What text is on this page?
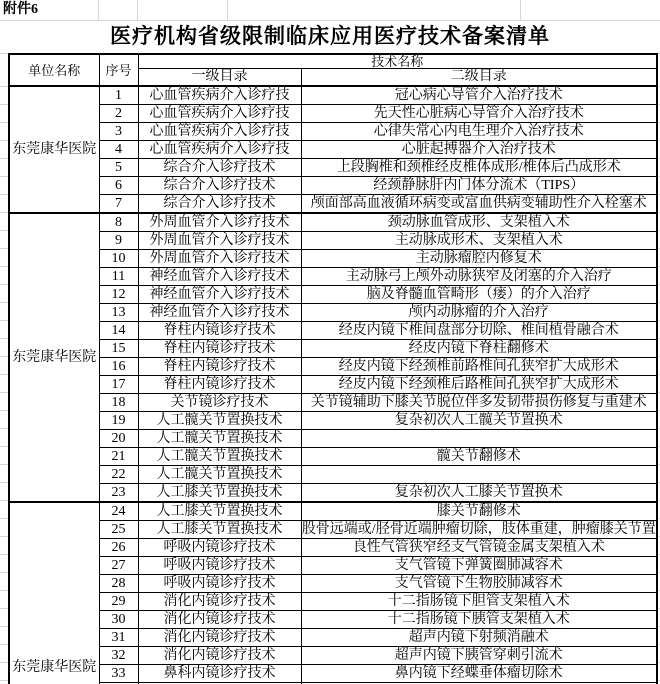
附件6
医疗机构省级限制临床应用医疗技术备案清单
单位名称	序号	技术名称	
		一级目录	二级目录

东莞康华医院	1	心血管疾病介入诊疗技	冠心病心导管介入治疗技术
	2	心血管疾病介入诊疗技	先天性心脏病心导管介入治疗技术
	3	心血管疾病介入诊疗技	心律失常心内电生理介入治疗技术
	4	心血管疾病介入诊疗技	心脏起搏器介入治疗技术
	5	综合介入诊疗技术	上段胸椎和颈椎经皮椎体成形/椎体后凸成形术
	6	综合介入诊疗技术	经颈静脉肝内门体分流术（TIPS）
	7	综合介入诊疗技术	颅面部高血液循环病变或富血供病变辅助性介入栓塞术

东莞康华医院	8	外周血管介入诊疗技术	颈动脉血管成形、支架植入术
	9	外周血管介入诊疗技术	主动脉成形术、支架植入术
	10	外周血管介入诊疗技术	主动脉瘤腔内修复术
	11	神经血管介入诊疗技术	主动脉弓上颅外动脉狭窄及闭塞的介入治疗
	12	神经血管介入诊疗技术	脑及脊髓血管畸形（瘘）的介入治疗
	13	神经血管介入诊疗技术	颅内动脉瘤的介入治疗
	14	脊柱内镜诊疗技术	经皮内镜下椎间盘部分切除、椎间植骨融合术
	15	脊柱内镜诊疗技术	经皮内镜下脊柱翻修术
	16	脊柱内镜诊疗技术	经皮内镜下经颈椎前路椎间孔狭窄扩大成形术
	17	脊柱内镜诊疗技术	经皮内镜下经颈椎后路椎间孔狭窄扩大成形术
	18	关节镜诊疗技术	关节镜辅助下膝关节脱位伴多发韧带损伤修复与重建术
	19	人工髋关节置换技术	复杂初次人工髋关节置换术
	20	人工髋关节置换技术	
	21	人工髋关节置换技术	髋关节翻修术
	22	人工髋关节置换技术	
	23	人工膝关节置换技术	复杂初次人工膝关节置换术

东莞康华医院	24	人工膝关节置换技术	膝关节翻修术
	25	人工膝关节置换技术	股骨远端或/胫骨近端肿瘤切除，肢体重建，肿瘤膝关节置
	26	呼吸内镜诊疗技术	良性气管狭窄经支气管镜金属支架植入术
	27	呼吸内镜诊疗技术	支气管镜下弹簧圈肺减容术
	28	呼吸内镜诊疗技术	支气管镜下生物胶肺减容术
	29	消化内镜诊疗技术	十二指肠镜下胆管支架植入术
	30	消化内镜诊疗技术	十二指肠镜下胰管支架植入术
	31	消化内镜诊疗技术	超声内镜下射频消融术
	32	消化内镜诊疗技术	超声内镜下胰管穿刺引流术
	33	鼻科内镜诊疗技术	鼻内镜下经蝶垂体瘤切除术
